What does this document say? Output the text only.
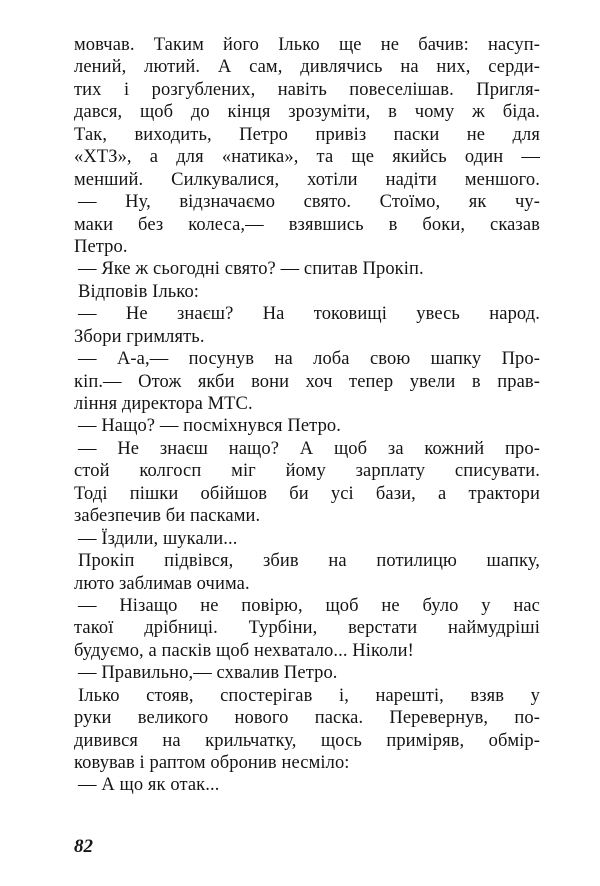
мовчав. Таким його Ілько ще не бачив: насуп-
лений, лютий. А сам, дивлячись на них, серди-
тих і розгублених, навіть повеселішав. Пригля-
дався, щоб до кінця зрозуміти, в чому ж біда.
Так, виходить, Петро привіз паски не для
«ХТЗ», а для «натика», та ще якийсь один —
менший. Силкувалися, хотіли надіти меншого.
— Ну, відзначаємо свято. Стоїмо, як чу-
маки без колеса,— взявшись в боки, сказав
Петро.
— Яке ж сьогодні свято? — спитав Прокіп.
Відповів Ілько:
— Не знаєш? На токовищі увесь народ.
Збори гримлять.
— А-а,— посунув на лоба свою шапку Про-
кіп.— Отож якби вони хоч тепер увели в прав-
ління директора МТС.
— Нащо? — посміхнувся Петро.
— Не знаєш нащо? А щоб за кожний про-
стой колгосп міг йому зарплату списувати.
Тоді пішки обійшов би усі бази, а трактори
забезпечив би пасками.
— Їздили, шукали...
Прокіп підвівся, збив на потилицю шапку,
люто заблимав очима.
— Нізащо не повірю, щоб не було у нас
такої дрібниці. Турбіни, верстати наймудріші
будуємо, а пасків щоб нехватало... Ніколи!
— Правильно,— схвалив Петро.
Ілько стояв, спостерігав і, нарешті, взяв у
руки великого нового паска. Перевернув, по-
дивився на крильчатку, щось приміряв, обмір-
ковував і раптом обронив несміло:
— А що як отак...
82
